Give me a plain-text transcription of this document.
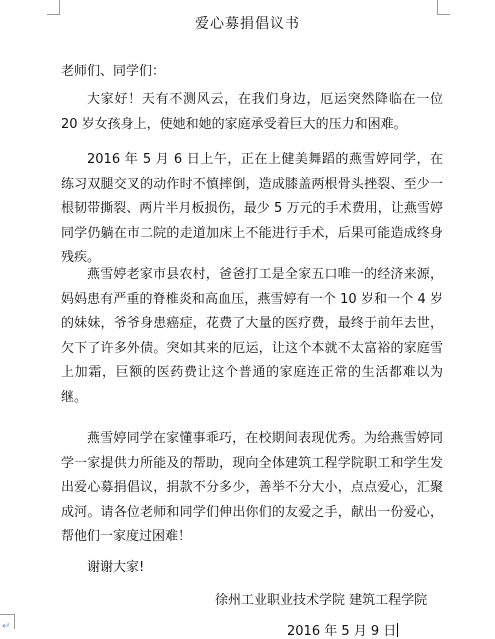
↵
爱心募捐倡议书
老师们、同学们：

大家好！天有不测风云，在我们身边，厄运突然降临在一位 20 岁女孩身上，使她和她的家庭承受着巨大的压力和困难。

2016 年 5 月 6 日上午，正在上健美舞蹈的燕雪婷同学，在练习双腿交叉的动作时不慎摔倒，造成膝盖两根骨头挫裂、至少一根韧带撕裂、两片半月板损伤，最少 5 万元的手术费用，让燕雪婷同学仍躺在市二院的走道加床上不能进行手术，后果可能造成终身残疾。

燕雪婷老家市县农村，爸爸打工是全家五口唯一的经济来源，妈妈患有严重的脊椎炎和高血压，燕雪婷有一个 10 岁和一个 4 岁的妹妹，爷爷身患癌症，花费了大量的医疗费，最终于前年去世，欠下了许多外债。突如其来的厄运，让这个本就不太富裕的家庭雪上加霜，巨额的医药费让这个普通的家庭连正常的生活都难以为继。

燕雪婷同学在家懂事乖巧，在校期间表现优秀。为给燕雪婷同学一家提供力所能及的帮助，现向全体建筑工程学院职工和学生发出爱心募捐倡议，捐款不分多少，善举不分大小，点点爱心，汇聚成河。请各位老师和同学们伸出你们的友爱之手，献出一份爱心，帮他们一家度过困难！

谢谢大家!
徐州工业职业技术学院 建筑工程学院
2016 年 5 月 9 日
